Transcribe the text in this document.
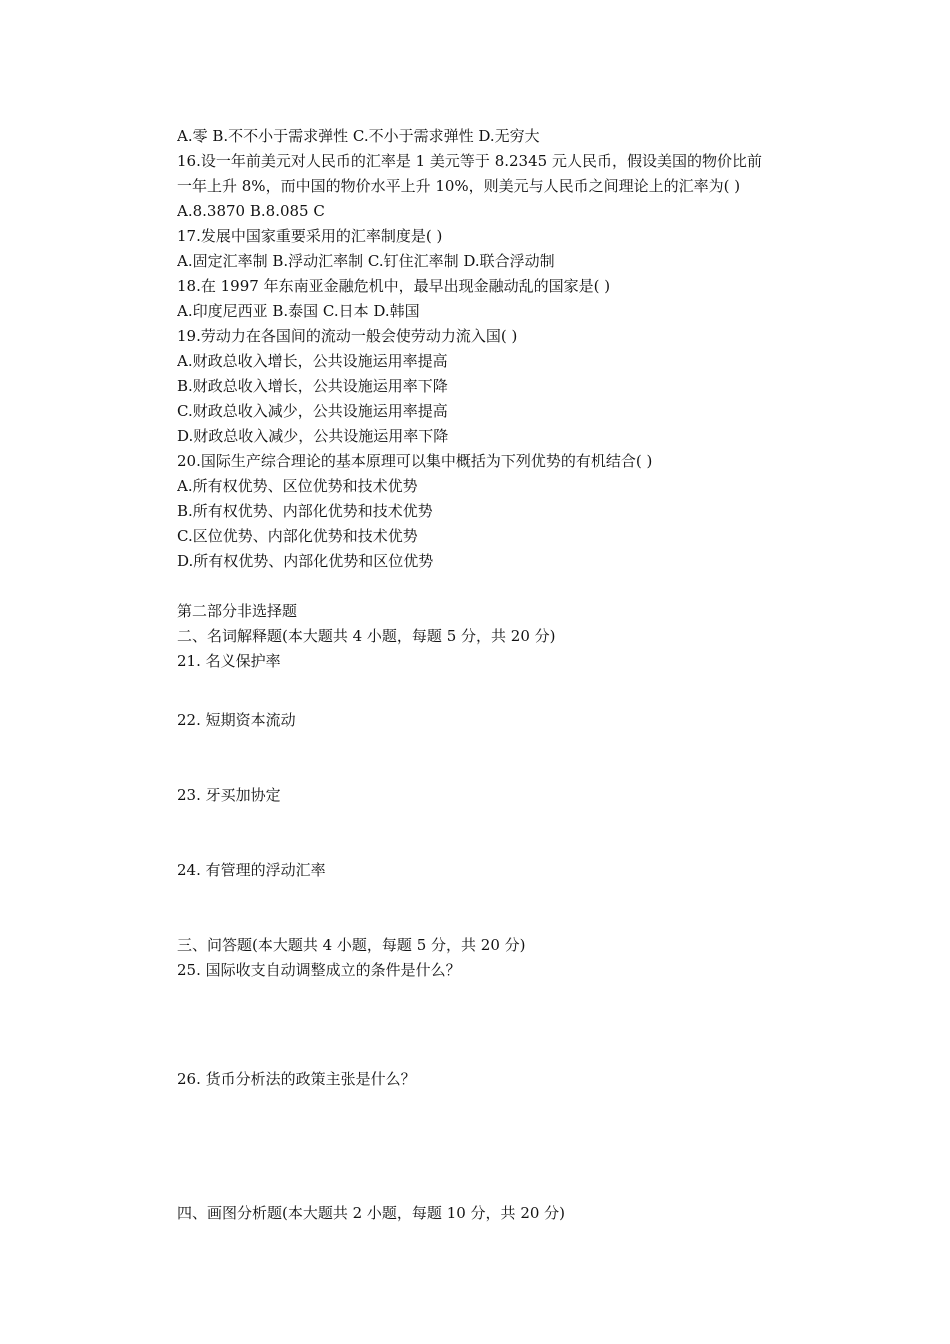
A.零 B.不不小于需求弹性 C.不小于需求弹性 D.无穷大
16.设一年前美元对人民币的汇率是 1 美元等于 8.2345 元人民币，假设美国的物价比前
一年上升 8%，而中国的物价水平上升 10%，则美元与人民币之间理论上的汇率为( )
A.8.3870 B.8.085 C
17.发展中国家重要采用的汇率制度是( )
A.固定汇率制 B.浮动汇率制 C.钉住汇率制 D.联合浮动制
18.在 1997 年东南亚金融危机中，最早出现金融动乱的国家是( )
A.印度尼西亚 B.泰国 C.日本 D.韩国
19.劳动力在各国间的流动一般会使劳动力流入国( )
A.财政总收入增长，公共设施运用率提高
B.财政总收入增长，公共设施运用率下降
C.财政总收入减少，公共设施运用率提高
D.财政总收入减少，公共设施运用率下降
20.国际生产综合理论的基本原理可以集中概括为下列优势的有机结合( )
A.所有权优势、区位优势和技术优势
B.所有权优势、内部化优势和技术优势
C.区位优势、内部化优势和技术优势
D.所有权优势、内部化优势和区位优势
第二部分非选择题
二、名词解释题(本大题共 4 小题，每题 5 分，共 20 分)
21. 名义保护率
22. 短期资本流动
23. 牙买加协定
24. 有管理的浮动汇率
三、问答题(本大题共 4 小题，每题 5 分，共 20 分)
25. 国际收支自动调整成立的条件是什么？
26. 货币分析法的政策主张是什么？
四、画图分析题(本大题共 2 小题，每题 10 分，共 20 分)
